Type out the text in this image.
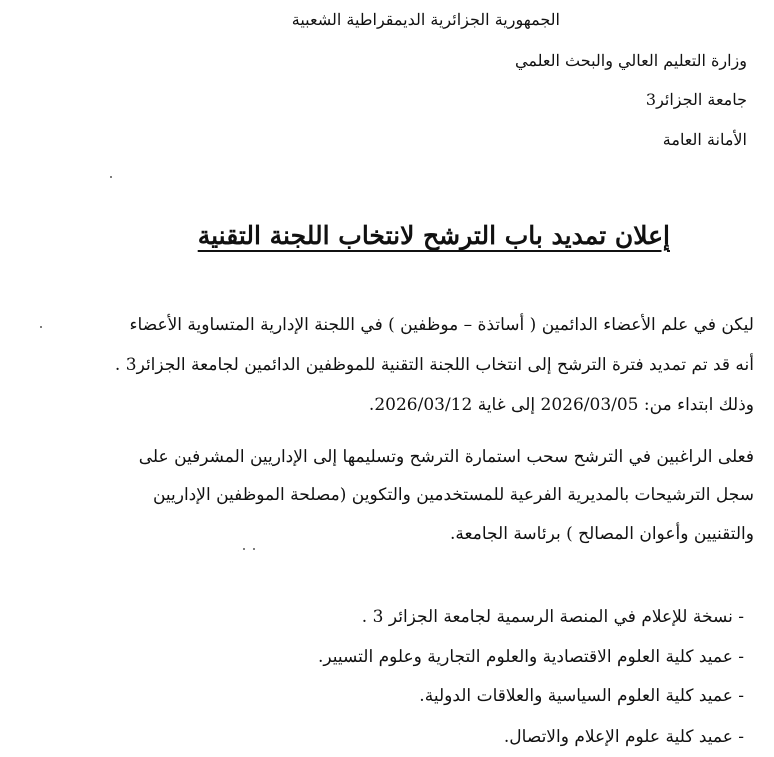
الجمهورية الجزائرية الديمقراطية الشعبية
وزارة التعليم العالي والبحث العلمي
جامعة الجزائر3
الأمانة العامة
إعلان تمديد باب الترشح لانتخاب اللجنة التقنية
ليكن في علم الأعضاء الدائمين ( أساتذة – موظفين ) في اللجنة الإدارية المتساوية الأعضاء
أنه قد تم تمديد فترة الترشح إلى انتخاب اللجنة التقنية للموظفين الدائمين لجامعة الجزائر3 .
وذلك ابتداء من: 2026/03/05 إلى غاية 2026/03/12.
فعلى الراغبين في الترشح سحب استمارة الترشح وتسليمها إلى الإداريين المشرفين على
سجل الترشيحات بالمديرية الفرعية للمستخدمين والتكوين (مصلحة الموظفين الإداريين
والتقنيين وأعوان المصالح ) برئاسة الجامعة.
- نسخة للإعلام في المنصة الرسمية لجامعة الجزائر 3 .
- عميد كلية العلوم الاقتصادية والعلوم التجارية وعلوم التسيير.
- عميد كلية العلوم السياسية والعلاقات الدولية.
- عميد كلية علوم الإعلام والاتصال.
